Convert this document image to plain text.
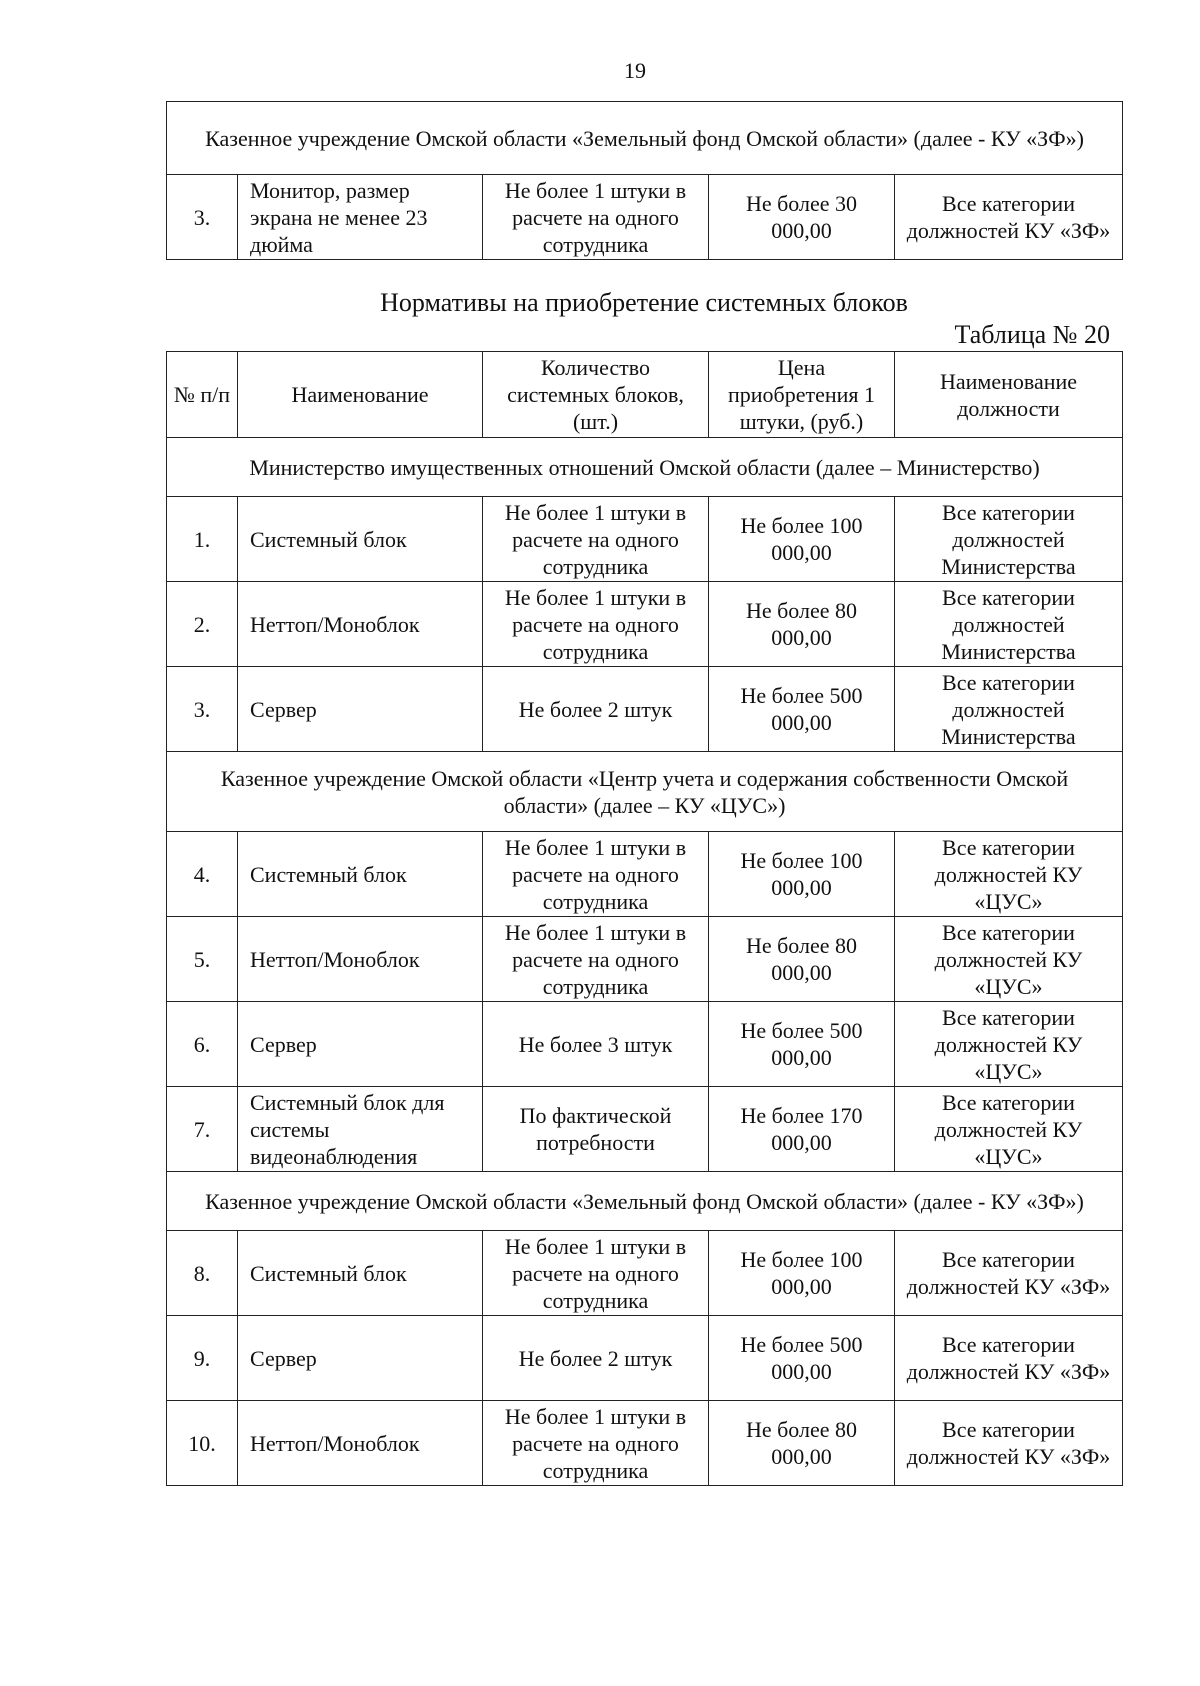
19
Казенное учреждение Омской области «Земельный фонд Омской области» (далее - КУ «ЗФ»)
3.	Монитор, размер экрана не менее 23 дюйма	Не более 1 штуки в расчете на одного сотрудника	Не более 30 000,00	Все категории должностей КУ «ЗФ»
Нормативы на приобретение системных блоков
Таблица № 20
№ п/п	Наименование	Количество системных блоков, (шт.)	Цена приобретения 1 штуки, (руб.)	Наименование должности
Министерство имущественных отношений Омской области (далее – Министерство)				
1.	Системный блок	Не более 1 штуки в расчете на одного сотрудника	Не более 100 000,00	Все категории должностей Министерства
2.	Неттоп/Моноблок	Не более 1 штуки в расчете на одного сотрудника	Не более 80 000,00	Все категории должностей Министерства
3.	Сервер	Не более 2 штук	Не более 500 000,00	Все категории должностей Министерства
Казенное учреждение Омской области «Центр учета и содержания собственности Омской области» (далее – КУ «ЦУС»)				
4.	Системный блок	Не более 1 штуки в расчете на одного сотрудника	Не более 100 000,00	Все категории должностей КУ «ЦУС»
5.	Неттоп/Моноблок	Не более 1 штуки в расчете на одного сотрудника	Не более 80 000,00	Все категории должностей КУ «ЦУС»
6.	Сервер	Не более 3 штук	Не более 500 000,00	Все категории должностей КУ «ЦУС»
7.	Системный блок для системы видеонаблюдения	По фактической потребности	Не более 170 000,00	Все категории должностей КУ «ЦУС»
Казенное учреждение Омской области «Земельный фонд Омской области» (далее - КУ «ЗФ»)				
8.	Системный блок	Не более 1 штуки в расчете на одного сотрудника	Не более 100 000,00	Все категории должностей КУ «ЗФ»
9.	Сервер	Не более 2 штук	Не более 500 000,00	Все категории должностей КУ «ЗФ»
10.	Неттоп/Моноблок	Не более 1 штуки в расчете на одного сотрудника	Не более 80 000,00	Все категории должностей КУ «ЗФ»
